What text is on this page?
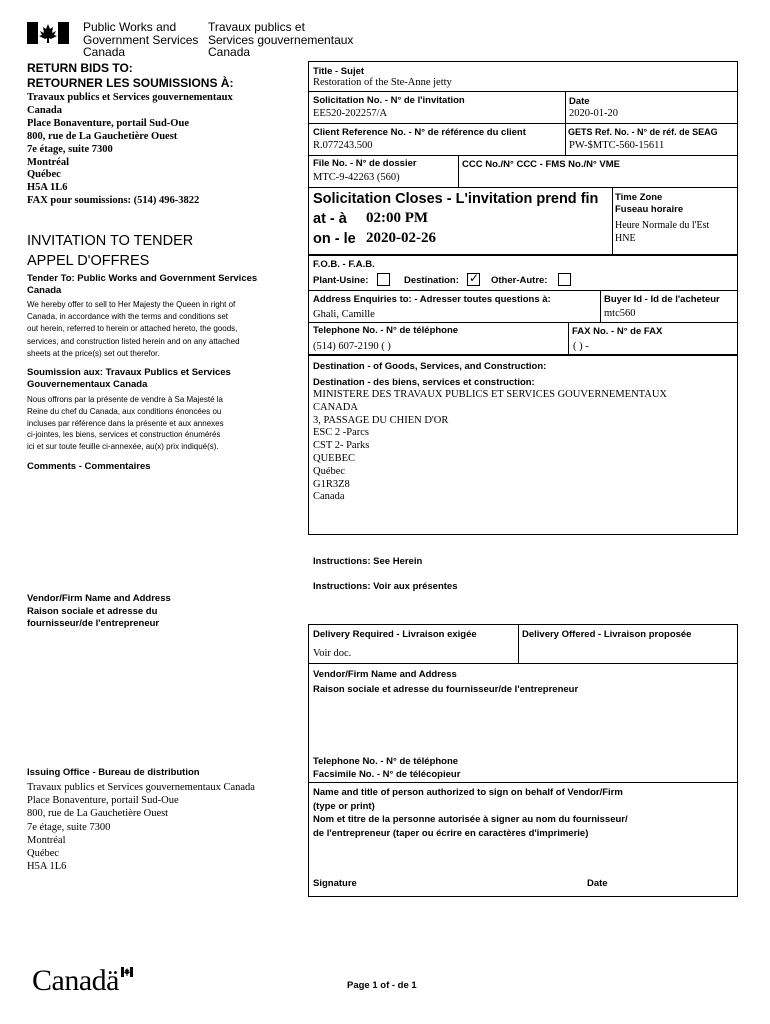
Public Works and
Government Services
Canada
Travaux publics et
Services gouvernementaux
Canada
RETURN BIDS TO:
RETOURNER LES SOUMISSIONS À:
Travaux publics et Services gouvernementaux
Canada
Place Bonaventure, portail Sud-Oue
800, rue de La Gauchetière Ouest
7e étage, suite 7300
Montréal
Québec
H5A 1L6
FAX pour soumissions: (514) 496-3822
INVITATION TO TENDER
APPEL D'OFFRES
Tender To: Public Works and Government Services
Canada
We hereby offer to sell to Her Majesty the Queen in right of
Canada, in accordance with the terms and conditions set
out herein, referred to herein or attached hereto, the goods,
services, and construction listed herein and on any attached
sheets at the price(s) set out therefor.
Soumission aux: Travaux Publics et Services
Gouvernementaux Canada
Nous offrons par la présente de vendre à Sa Majesté la
Reine du chef du Canada, aux conditions énoncées ou
incluses par référence dans la présente et aux annexes
ci-jointes, les biens, services et construction énumérés
ici et sur toute feuille ci-annexée, au(x) prix indiqué(s).
Comments - Commentaires
Vendor/Firm Name and Address
Raison sociale et adresse du
fournisseur/de l'entrepreneur
Issuing Office - Bureau de distribution
Travaux publics et Services gouvernementaux Canada
Place Bonaventure, portail Sud-Oue
800, rue de La Gauchetière Ouest
7e étage, suite 7300
Montréal
Québec
H5A 1L6
Title - Sujet
Restoration of the Ste-Anne jetty
Solicitation No. - N° de l'invitation
EE520-202257/A
Date
2020-01-20
Client Reference No. - N° de référence du client
R.077243.500
GETS Ref. No. - N° de réf. de SEAG
PW-$MTC-560-15611
File No. - N° de dossier
MTC-9-42263 (560)
CCC No./N° CCC - FMS No./N° VME
Solicitation Closes - L'invitation prend fin
at - à 02:00 PM
on - le 2020-02-26
Time Zone
Fuseau horaire
Heure Normale du l'Est
HNE
F.O.B. - F.A.B.
Plant-Usine:	Destination: ✓ Other-Autre:
Address Enquiries to: - Adresser toutes questions à:
Ghali, Camille
Buyer Id - Id de l'acheteur
mtc560
Telephone No. - N° de téléphone
(514) 607-2190 ( )
FAX No. - N° de FAX
( ) -
Destination - of Goods, Services, and Construction:
Destination - des biens, services et construction:
MINISTERE DES TRAVAUX PUBLICS ET SERVICES GOUVERNEMENTAUX
CANADA
3, PASSAGE DU CHIEN D'OR
ESC 2 -Parcs
CST 2- Parks
QUEBEC
Québec
G1R3Z8
Canada
Instructions: See Herein
Instructions: Voir aux présentes
Delivery Required - Livraison exigée
Voir doc.
Delivery Offered - Livraison proposée
Vendor/Firm Name and Address
Raison sociale et adresse du fournisseur/de l'entrepreneur
Telephone No. - N° de téléphone
Facsimile No. - N° de télécopieur
Name and title of person authorized to sign on behalf of Vendor/Firm
(type or print)
Nom et titre de la personne autorisée à signer au nom du fournisseur/
de l'entrepreneur (taper ou écrire en caractères d'imprimerie)
Signature	Date
Canadä	Page 1 of - de 1
